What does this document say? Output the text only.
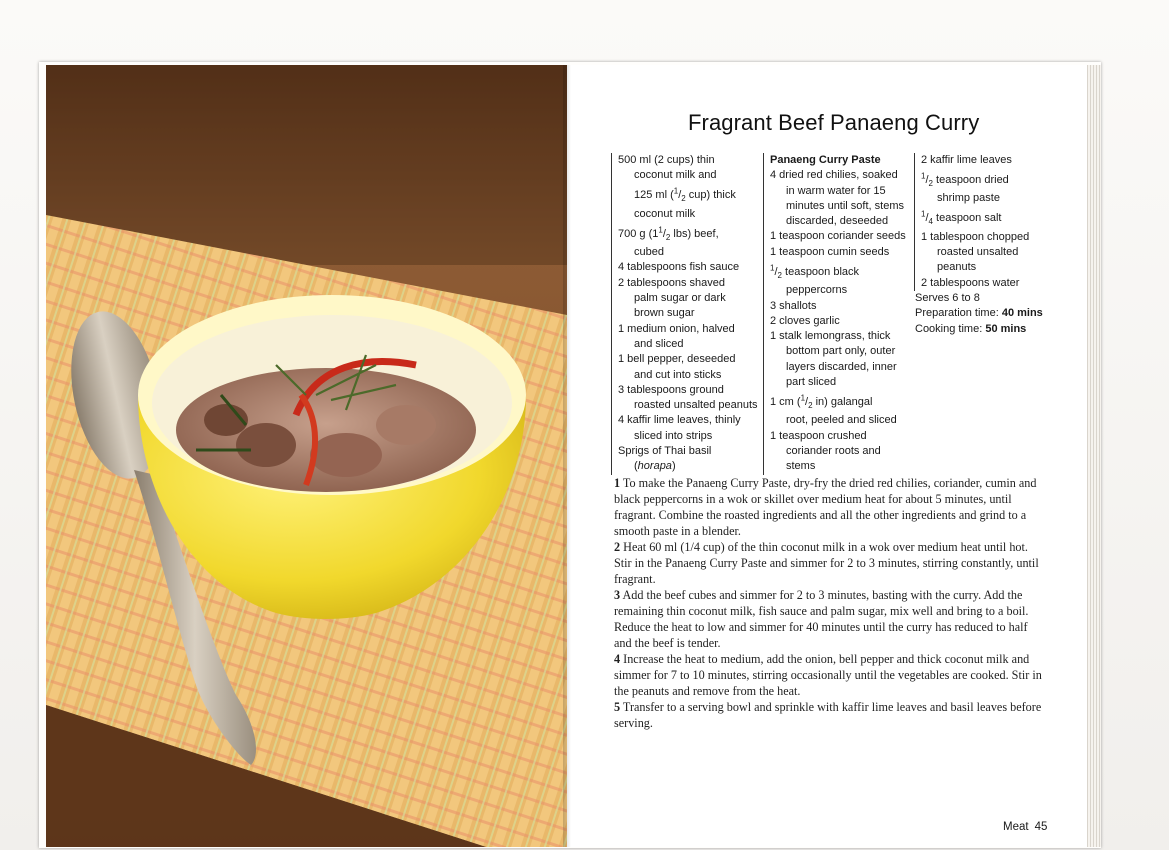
Fragrant Beef Panaeng Curry
500 ml (2 cups) thin
coconut milk and
125 ml ($^1/_2$ cup) thick
coconut milk
700 g ($1^1/_2$ lbs) beef,
cubed
4 tablespoons fish sauce
2 tablespoons shaved
palm sugar or dark
brown sugar
1 medium onion, halved
and sliced
1 bell pepper, deseeded
and cut into sticks
3 tablespoons ground
roasted unsalted peanuts
4 kaffir lime leaves, thinly
sliced into strips
Sprigs of Thai basil
(horapa)
Panaeng Curry Paste
4 dried red chilies, soaked
in warm water for 15
minutes until soft, stems
discarded, deseeded
1 teaspoon coriander seeds
1 teaspoon cumin seeds
$^1/_2$ teaspoon black
peppercorns
3 shallots
2 cloves garlic
1 stalk lemongrass, thick
bottom part only, outer
layers discarded, inner
part sliced
1 cm ($^1/_2$ in) galangal
root, peeled and sliced
1 teaspoon crushed
coriander roots and
stems
2 kaffir lime leaves
$^1/_2$ teaspoon dried
shrimp paste
$^1/_4$ teaspoon salt
1 tablespoon chopped
roasted unsalted
peanuts
2 tablespoons water
Serves 6 to 8
Preparation time: 40 mins
Cooking time: 50 mins

1 To make the Panaeng Curry Paste, dry-fry the dried red chilies, coriander, cumin and black peppercorns in a wok or skillet over medium heat for about 5 minutes, until fragrant. Combine the roasted ingredients and all the other ingredients and grind to a smooth paste in a blender.

2 Heat 60 ml (1/4 cup) of the thin coconut milk in a wok over medium heat until hot. Stir in the Panaeng Curry Paste and simmer for 2 to 3 minutes, stirring constantly, until fragrant.

3 Add the beef cubes and simmer for 2 to 3 minutes, basting with the curry. Add the remaining thin coconut milk, fish sauce and palm sugar, mix well and bring to a boil. Reduce the heat to low and simmer for 40 minutes until the curry has reduced to half and the beef is tender.

4 Increase the heat to medium, add the onion, bell pepper and thick coconut milk and simmer for 7 to 10 minutes, stirring occasionally until the vegetables are cooked. Stir in the peanuts and remove from the heat.

5 Transfer to a serving bowl and sprinkle with kaffir lime leaves and basil leaves before serving.

Meat 45
